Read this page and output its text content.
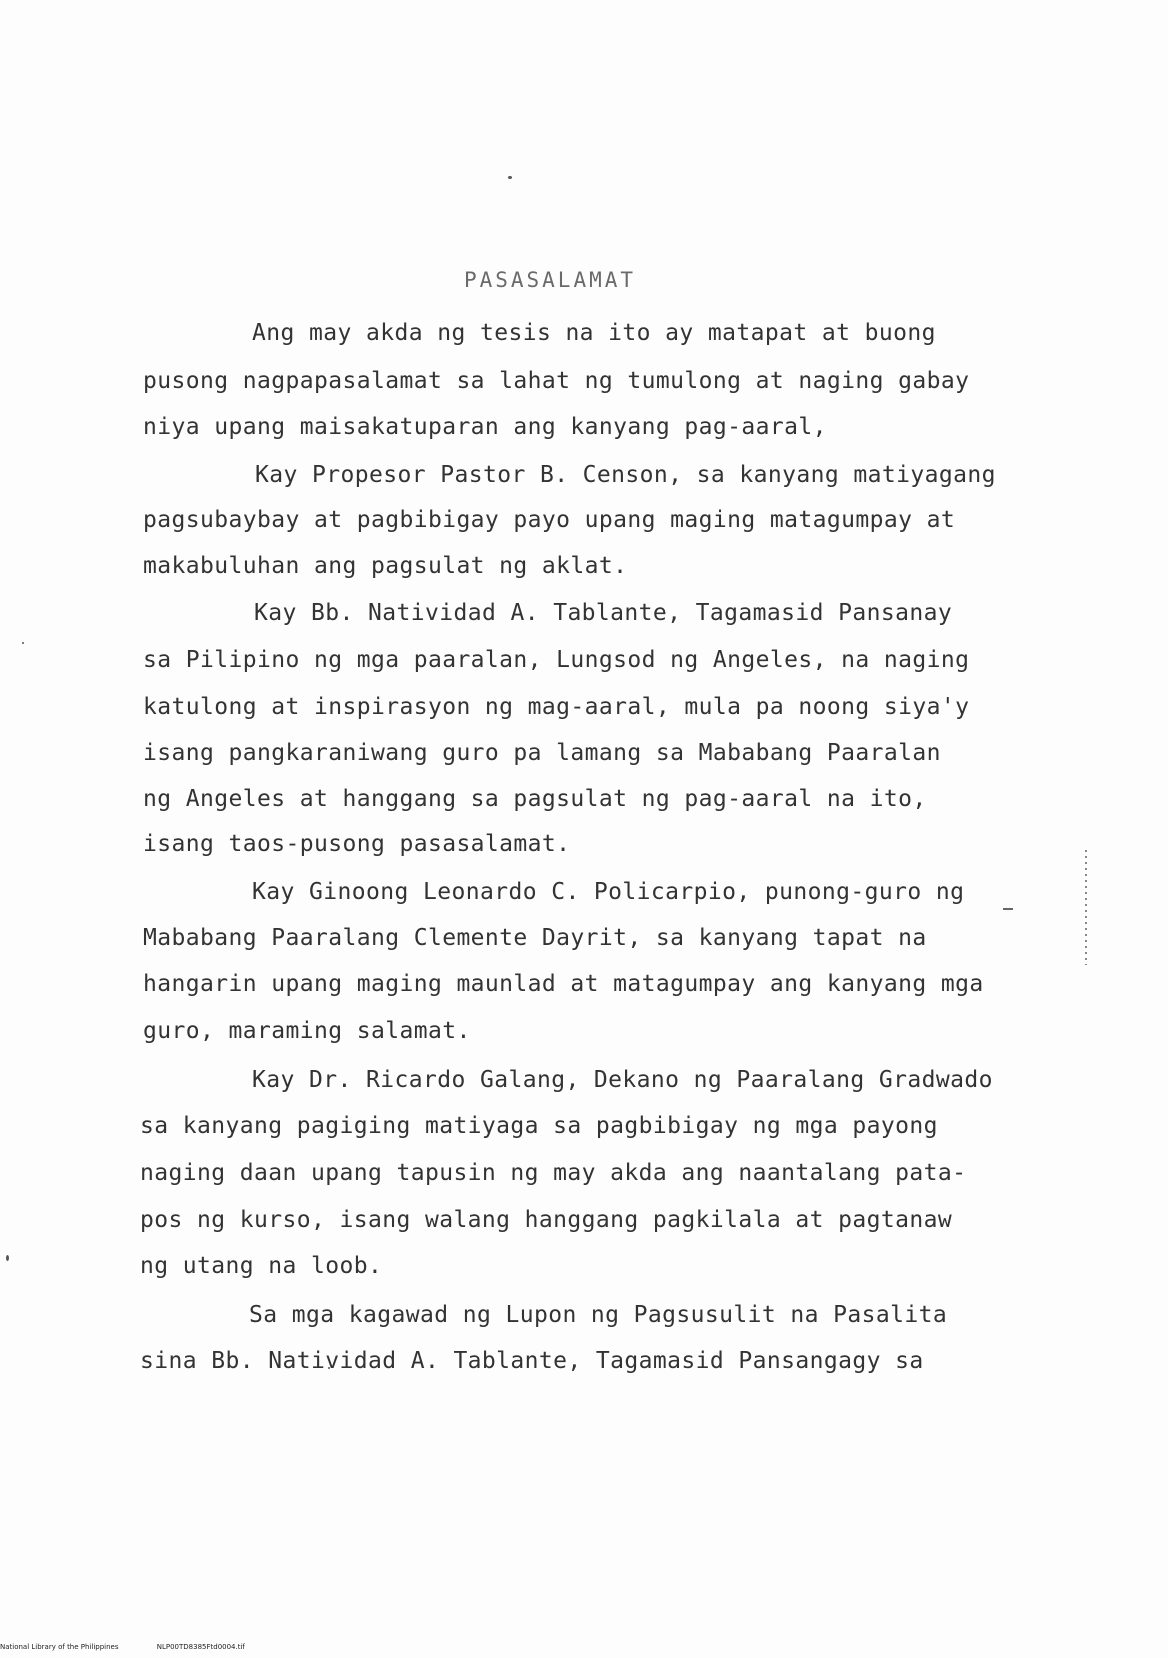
PASASALAMAT
Ang may akda ng tesis na ito ay matapat at buong
pusong nagpapasalamat sa lahat ng tumulong at naging gabay
niya upang maisakatuparan ang kanyang pag-aaral,
Kay Propesor Pastor B. Censon, sa kanyang matiyagang
pagsubaybay at pagbibigay payo upang maging matagumpay at
makabuluhan ang pagsulat ng aklat.
Kay Bb. Natividad A. Tablante, Tagamasid Pansanay
sa Pilipino ng mga paaralan, Lungsod ng Angeles, na naging
katulong at inspirasyon ng mag-aaral, mula pa noong siya'y
isang pangkaraniwang guro pa lamang sa Mababang Paaralan
ng Angeles at hanggang sa pagsulat ng pag-aaral na ito,
isang taos-pusong pasasalamat.
Kay Ginoong Leonardo C. Policarpio, punong-guro ng
Mababang Paaralang Clemente Dayrit, sa kanyang tapat na
hangarin upang maging maunlad at matagumpay ang kanyang mga
guro, maraming salamat.
Kay Dr. Ricardo Galang, Dekano ng Paaralang Gradwado
sa kanyang pagiging matiyaga sa pagbibigay ng mga payong
naging daan upang tapusin ng may akda ang naantalang pata-
pos ng kurso, isang walang hanggang pagkilala at pagtanaw
ng utang na loob.
Sa mga kagawad ng Lupon ng Pagsusulit na Pasalita
sina Bb. Natividad A. Tablante, Tagamasid Pansangagy sa
National Library of the Philippines	NLP00TD8385Ftd0004.tif
